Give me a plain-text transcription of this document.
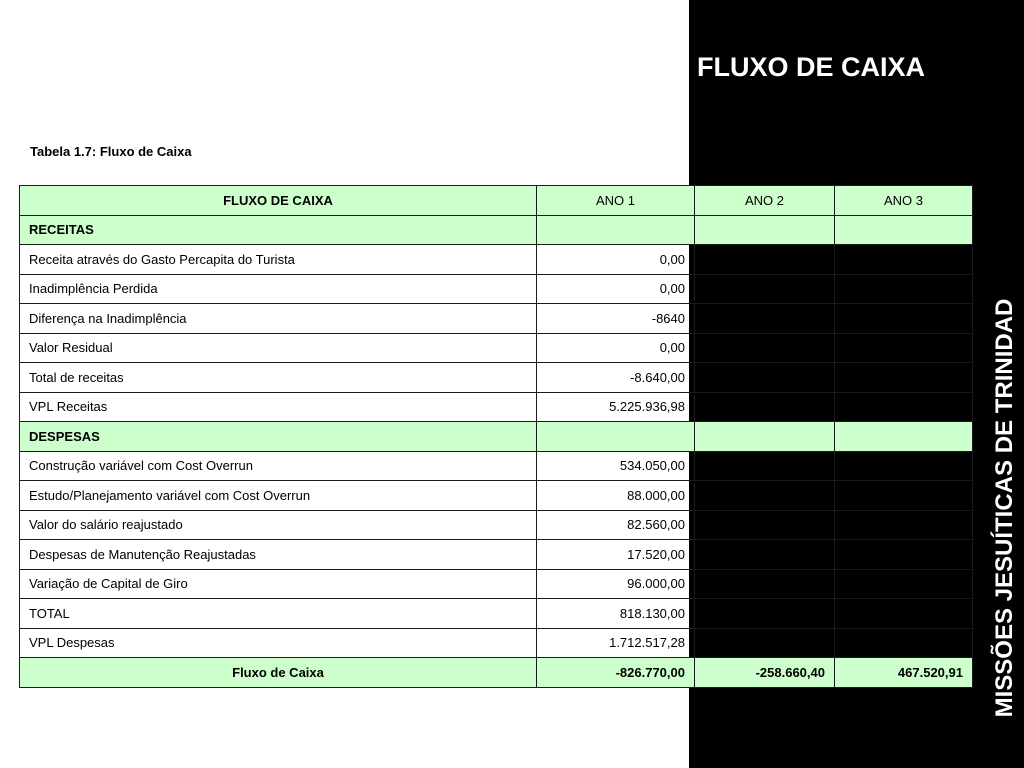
FLUXO DE CAIXA
MISSÕES JESUÍTICAS DE TRINIDAD
Tabela 1.7: Fluxo de Caixa
FLUXO DE CAIXA	ANO 1	ANO 2	ANO 3
RECEITAS			
Receita através do Gasto Percapita do Turista	0,00	0,00	602.112,00
Inadimplência Perdida	0,00	-2.880,00	-3.225,60
Diferença na Inadimplência	-8640	-9676,8	-10838,016
Valor Residual	0,00	0,00	0,00
Total de receitas	-8.640,00	-12.556,80	588.048,38
VPL Receitas	5.225.936,98		
DESPESAS			
Construção variável com Cost Overrun	534.050,00	116.600,00	0,00
Estudo/Planejamento variável com Cost Overrun	88.000,00	14.300,00	0,00
Valor do salário reajustado	82.560,00	83.798,40	85.055,38
Despesas de Manutenção Reajustadas	17.520,00	19.885,20	22.569,70
Variação de Capital de Giro	96.000,00	11.520,00	12.902,40
TOTAL	818.130,00	246.103,60	120.527,48
VPL Despesas	1.712.517,28		
Fluxo de Caixa	-826.770,00	-258.660,40	467.520,91
